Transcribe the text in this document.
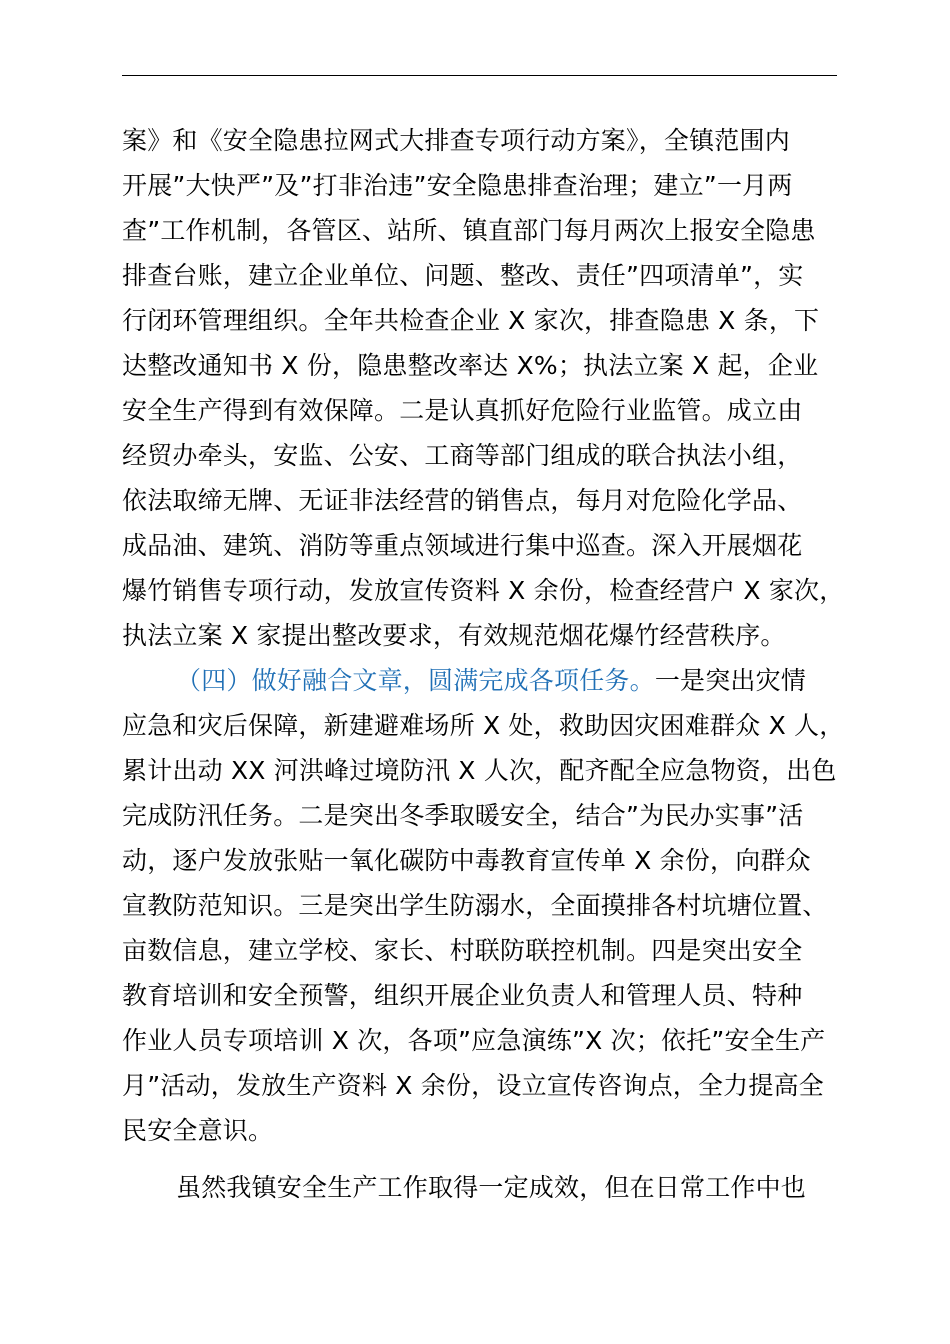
案》和《安全隐患拉网式大排查专项行动方案》，全镇范围内
开展”大快严”及”打非治违”安全隐患排查治理；建立”一月两
查”工作机制，各管区、站所、镇直部门每月两次上报安全隐患
排查台账，建立企业单位、问题、整改、责任”四项清单”，实
行闭环管理组织。全年共检查企业 X 家次，排查隐患 X 条，下
达整改通知书 X 份，隐患整改率达 X%；执法立案 X 起，企业
安全生产得到有效保障。二是认真抓好危险行业监管。成立由
经贸办牵头，安监、公安、工商等部门组成的联合执法小组，
依法取缔无牌、无证非法经营的销售点，每月对危险化学品、
成品油、建筑、消防等重点领域进行集中巡查。深入开展烟花
爆竹销售专项行动，发放宣传资料 X 余份，检查经营户 X 家次，
执法立案 X 家提出整改要求，有效规范烟花爆竹经营秩序。
（四）做好融合文章，圆满完成各项任务。一是突出灾情
应急和灾后保障，新建避难场所 X 处，救助因灾困难群众 X 人，
累计出动 XX 河洪峰过境防汛 X 人次，配齐配全应急物资，出色
完成防汛任务。二是突出冬季取暖安全，结合”为民办实事”活
动，逐户发放张贴一氧化碳防中毒教育宣传单 X 余份，向群众
宣教防范知识。三是突出学生防溺水，全面摸排各村坑塘位置、
亩数信息，建立学校、家长、村联防联控机制。四是突出安全
教育培训和安全预警，组织开展企业负责人和管理人员、特种
作业人员专项培训 X 次，各项”应急演练”X 次；依托”安全生产
月”活动，发放生产资料 X 余份，设立宣传咨询点，全力提高全
民安全意识。
虽然我镇安全生产工作取得一定成效，但在日常工作中也
